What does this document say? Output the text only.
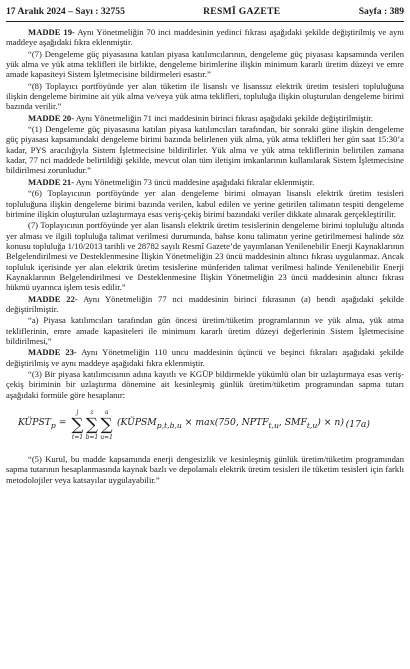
17 Aralık 2024 – Sayı : 32755	RESMÎ GAZETE	Sayfa : 389

MADDE 19- Aynı Yönetmeliğin 70 inci maddesinin yedinci fıkrası aşağıdaki şekilde değiştirilmiş ve aynı maddeye aşağıdaki fıkra eklenmiştir.

“(7) Dengeleme güç piyasasına katılan piyasa katılımcılarının, dengeleme güç piyasası kapsamında verilen yük alma ve yük atma teklifleri ile birlikte, dengeleme birimlerine ilişkin minimum kararlı üretim düzeyi ve emre amade kapasiteyi Sistem İşletmecisine bildirmeleri esastır.”

“(8) Toplayıcı portföyünde yer alan tüketim ile lisanslı ve lisanssız elektrik üretim tesisleri topluluğuna ilişkin dengeleme birimine ait yük alma ve/veya yük atma teklifleri, topluluğa ilişkin oluşturulan dengeleme birimi bazında verilir.”

MADDE 20- Aynı Yönetmeliğin 71 inci maddesinin birinci fıkrası aşağıdaki şekilde değiştirilmiştir.

“(1) Dengeleme güç piyasasına katılan piyasa katılımcıları tarafından, bir sonraki güne ilişkin dengeleme güç piyasası kapsamındaki dengeleme birimi bazında belirlenen yük alma, yük atma teklifleri her gün saat 15:30’a kadar, PYS aracılığıyla Sistem İşletmecisine bildirilirler. Yük alma ve yük atma tekliflerinin belirtilen zamana kadar, 77 nci maddede belirtildiği şekilde, mevcut olan tüm iletişim imkanlarının kullanılarak Sistem İşletmecisine bildirilmesi zorunludur.”

MADDE 21- Aynı Yönetmeliğin 73 üncü maddesine aşağıdaki fıkralar eklenmiştir.

“(6) Toplayıcının portföyünde yer alan dengeleme birimi olmayan lisanslı elektrik üretim tesisleri topluluğuna ilişkin dengeleme birimi bazında verilen, kabul edilen ve yerine getirilen talimatın tespiti dengeleme birimine ilişkin oluşturulan uzlaştırmaya esas veriş-çekiş birimi bazındaki veriler dikkate alınarak gerçekleştirilir.

(7) Toplayıcının portföyünde yer alan lisanslı elektrik üretim tesislerinin dengeleme birimi topluluğu altında yer alması ve ilgili topluluğa talimat verilmesi durumunda, bahse konu talimatın yerine getirilmemesi halinde söz konusu topluluğa 1/10/2013 tarihli ve 28782 sayılı Resmî Gazete’de yayımlanan Yenilenebilir Enerji Kaynaklarının Belgelendirilmesi ve Desteklenmesine İlişkin Yönetmeliğin 23 üncü maddesinin altıncı fıkrası uygulanmaz. Ancak topluluk içerisinde yer alan elektrik üretim tesislerine münferiden talimat verilmesi halinde Yenilenebilir Enerji Kaynaklarının Belgelendirilmesi ve Desteklenmesine İlişkin Yönetmeliğin 23 üncü maddesinin altıncı fıkrası hükmü uyarınca işlem tesis edilir.”

MADDE 22- Aynı Yönetmeliğin 77 nci maddesinin birinci fıkrasının (a) bendi aşağıdaki şekilde değiştirilmiştir.

“a) Piyasa katılımcıları tarafından gün öncesi üretim/tüketim programlarının ve yük alma, yük atma tekliflerinin, emre amade kapasiteleri ile minimum kararlı üretim düzeyi değerlerinin Sistem İşletmecisine bildirilmesi,”

MADDE 23- Aynı Yönetmeliğin 110 uncu maddesinin üçüncü ve beşinci fıkraları aşağıdaki şekilde değiştirilmiş ve aynı maddeye aşağıdaki fıkra eklenmiştir.

“(3) Bir piyasa katılımcısının adına kayıtlı ve KGÜP bildirmekle yükümlü olan bir uzlaştırmaya esas veriş-çekiş biriminin bir uzlaştırma dönemine ait kesinleşmiş günlük üretim/tüketim programından sapma tutarı aşağıdaki formüle göre hesaplanır:

$KÜPST_p$ =
j
∑
t=1
z
∑
b=1
a
∑
u=1
($KÜPSM_{p,t,b,u} \times \max(750$, $NPTF_{t,u}$, $SMF_{t,u}) \times n$) (17a)

“(5) Kurul, bu madde kapsamında enerji dengesizlik ve kesinleşmiş günlük üretim/tüketim programından sapma tutarının hesaplanmasında kaynak bazlı ve depolamalı elektrik üretim tesisleri ile tüketim tesisleri için farklı metodolojiler veya katsayılar uygulayabilir.”
